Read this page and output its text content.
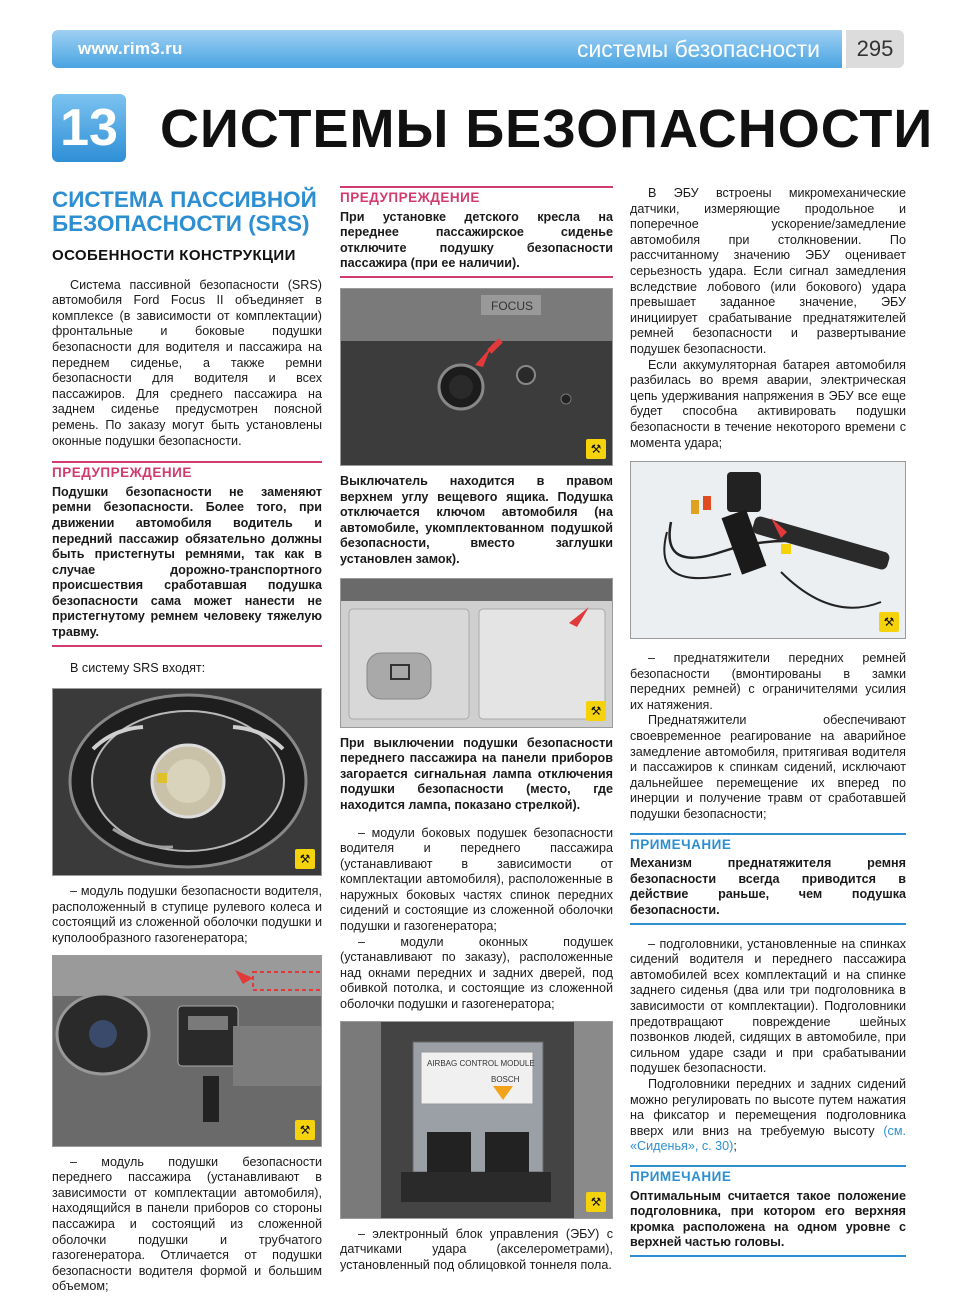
www.rim3.ru	системы безопасности	295
13 СИСТЕМЫ БЕЗОПАСНОСТИ
СИСТЕМА ПАССИВНОЙ
БЕЗОПАСНОСТИ (SRS)
ОСОБЕННОСТИ КОНСТРУКЦИИ

Система пассивной безопасности (SRS) автомобиля Ford Focus II объединяет в комплексе (в зависимости от комплектации) фронтальные и боковые подушки безопасности для водителя и пассажира на переднем сиденье, а также ремни безопасности для водителя и всех пассажиров. Для среднего пассажира на заднем сиденье предусмотрен поясной ремень. По заказу могут быть установлены оконные подушки безопасности.

ПРЕДУПРЕЖДЕНИЕ
Подушки безопасности не заменяют ремни безопасности. Более того, при движении автомобиля водитель и передний пассажир обязательно должны быть пристегнуты ремнями, так как в случае дорожно-транспортного происшествия сработавшая подушка безопасности сама может нанести не пристегнутому ремнем человеку тяжелую травму.

В систему SRS входят:

⚒

– модуль подушки безопасности водителя, расположенный в ступице рулевого колеса и состоящий из сложенной оболочки подушки и куполообразного газогенератора;

⚒

– модуль подушки безопасности переднего пассажира (устанавливают в зависимости от комплектации автомобиля), находящийся в панели приборов со стороны пассажира и состоящий из сложенной оболочки подушки и трубчатого газогенератора. Отличается от подушки безопасности водителя формой и большим объемом;

ПРЕДУПРЕЖДЕНИЕ
При установке детского кресла на переднее пассажирское сиденье отключите подушку безопасности пассажира (при ее наличии).
FOCUS
⚒

Выключатель находится в правом верхнем углу вещевого ящика. Подушка отключается ключом автомобиля (на автомобиле, укомплектованном подушкой безопасности, вместо заглушки установлен замок).

⚒

При выключении подушки безопасности переднего пассажира на панели приборов загорается сигнальная лампа отключения подушки безопасности (место, где находится лампа, показано стрелкой).

– модули боковых подушек безопасности водителя и переднего пассажира (устанавливают в зависимости от комплектации автомобиля), расположенные в наружных боковых частях спинок передних сидений и состоящие из сложенной оболочки подушки и газогенератора;

– модули оконных подушек (устанавливают по заказу), расположенные над окнами передних и задних дверей, под обивкой потолка, и состоящие из сложенной оболочки подушки и газогенератора;

AIRBAG CONTROL MODULE
BOSCH
⚒

– электронный блок управления (ЭБУ) с датчиками удара (акселерометрами), установленный под облицовкой тоннеля пола.

В ЭБУ встроены микромеханические датчики, измеряющие продольное и поперечное ускорение/замедление автомобиля при столкновении. По рассчитанному значению ЭБУ оценивает серьезность удара. Если сигнал замедления вследствие лобового (или бокового) удара превышает заданное значение, ЭБУ инициирует срабатывание преднатяжителей ремней безопасности и развертывание подушек безопасности.

Если аккумуляторная батарея автомобиля разбилась во время аварии, электрическая цепь удерживания напряжения в ЭБУ все еще будет способна активировать подушки безопасности в течение некоторого времени с момента удара;

⚒

– преднатяжители передних ремней безопасности (вмонтированы в замки передних ремней) с ограничителями усилия их натяжения.

Преднатяжители обеспечивают своевременное реагирование на аварийное замедление автомобиля, притягивая водителя и пассажиров к спинкам сидений, исключают дальнейшее перемещение их вперед по инерции и получение травм от сработавшей подушки безопасности;

ПРИМЕЧАНИЕ
Механизм преднатяжителя ремня безопасности всегда приводится в действие раньше, чем подушка безопасности.

– подголовники, установленные на спинках сидений водителя и переднего пассажира автомобилей всех комплектаций и на спинке заднего сиденья (два или три подголовника в зависимости от комплектации). Подголовники предотвращают повреждение шейных позвонков людей, сидящих в автомобиле, при сильном ударе сзади и при срабатывании подушек безопасности.

Подголовники передних и задних сидений можно регулировать по высоте путем нажатия на фиксатор и перемещения подголовника вверх или вниз на требуемую высоту (см. «Сиденья», с. 30);

ПРИМЕЧАНИЕ
Оптимальным считается такое положение подголовника, при котором его верхняя кромка расположена на одном уровне с верхней частью головы.
